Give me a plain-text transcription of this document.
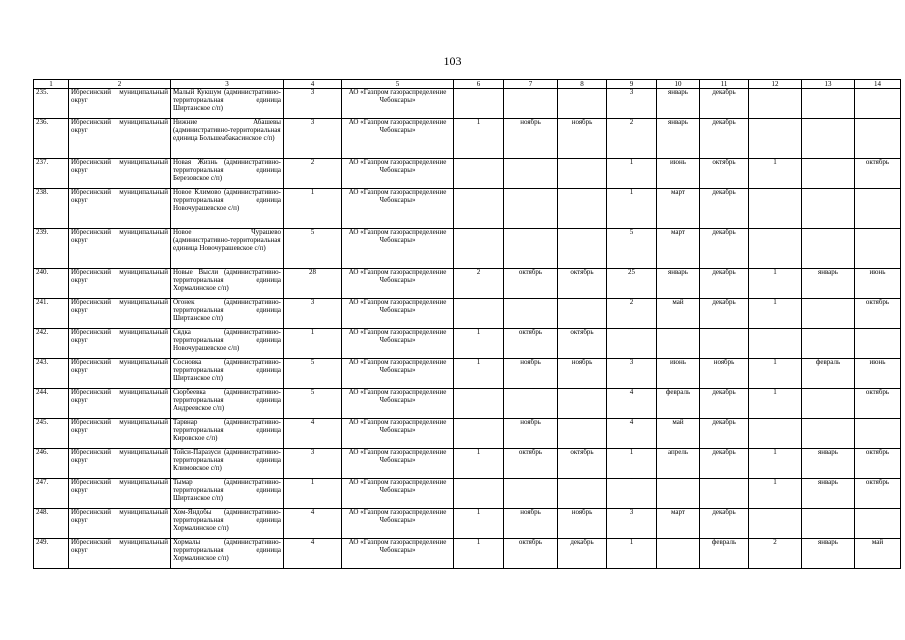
103
1	2	3	4	5	6	7	8	9	10	11	12	13	14
235.	Ибресинский муниципальный округ	Малый Кукшум (административно-территориальная единица Ширтанское с/п)	3	АО «Газпром газораспределение Чебоксары»				3	январь	декабрь			
236.	Ибресинский муниципальный округ	Нижние Абашевы (административно-территориальная единица Большеабакасинское с/п)	3	АО «Газпром газораспределение Чебоксары»	1	ноябрь	ноябрь	2	январь	декабрь			
237.	Ибресинский муниципальный округ	Новая Жизнь (административно-территориальная единица Березовское с/п)	2	АО «Газпром газораспределение Чебоксары»				1	июнь	октябрь	1		октябрь
238.	Ибресинский муниципальный округ	Новое Климово (административно-территориальная единица Новочурашевское с/п)	1	АО «Газпром газораспределение Чебоксары»				1	март	декабрь			
239.	Ибресинский муниципальный округ	Новое Чурашево (административно-территориальная единица Новочурашевское с/п)	5	АО «Газпром газораспределение Чебоксары»				5	март	декабрь			
240.	Ибресинский муниципальный округ	Новые Высли (административно-территориальная единица Хормалинское с/п)	28	АО «Газпром газораспределение Чебоксары»	2	октябрь	октябрь	25	январь	декабрь	1	январь	июнь
241.	Ибресинский муниципальный округ	Огонек (административно-территориальная единица Ширтанское с/п)	3	АО «Газпром газораспределение Чебоксары»				2	май	декабрь	1		октябрь
242.	Ибресинский муниципальный округ	Сядка (административно-территориальная единица Новочурашевское с/п)	1	АО «Газпром газораспределение Чебоксары»	1	октябрь	октябрь						
243.	Ибресинский муниципальный округ	Сосновка (административно-территориальная единица Ширтанское с/п)	5	АО «Газпром газораспределение Чебоксары»	1	ноябрь	ноябрь	3	июнь	ноябрь	1	февраль	июнь
244.	Ибресинский муниципальный округ	Сюрбеевка (административно-территориальная единица Андреевское с/п)	5	АО «Газпром газораспределение Чебоксары»				4	февраль	декабрь	1		октябрь
245.	Ибресинский муниципальный округ	Тарвнар (административно-территориальная единица Кировское с/п)	4	АО «Газпром газораспределение Чебоксары»		ноябрь		4	май	декабрь			
246.	Ибресинский муниципальный округ	Тойси-Паразуси (административно-территориальная единица Климовское с/п)	3	АО «Газпром газораспределение Чебоксары»	1	октябрь	октябрь	1	апрель	декабрь	1	январь	октябрь
247.	Ибресинский муниципальный округ	Тымар (административно-территориальная единица Ширтанское с/п)	1	АО «Газпром газораспределение Чебоксары»							1	январь	октябрь
248.	Ибресинский муниципальный округ	Хом-Яндобы (административно-территориальная единица Хормалинское с/п)	4	АО «Газпром газораспределение Чебоксары»	1	ноябрь	ноябрь	3	март	декабрь			
249.	Ибресинский муниципальный округ	Хормалы (административно-территориальная единица Хормалинское с/п)	4	АО «Газпром газораспределение Чебоксары»	1	октябрь	декабрь	1		февраль	2	январь	май
